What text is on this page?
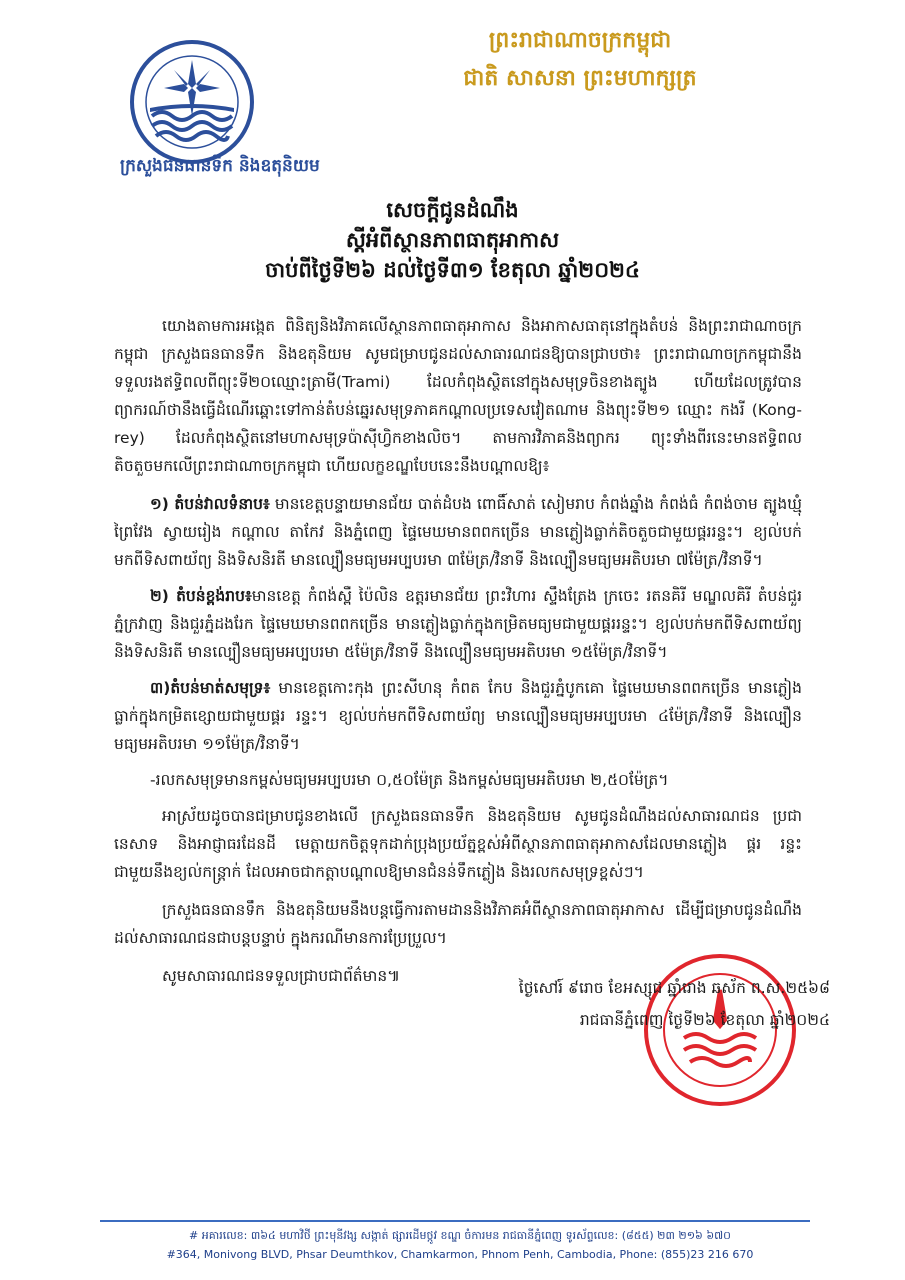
ក្រសួងធនធានទឹក និងឧតុនិយម
ព្រះរាជាណាចក្រកម្ពុជា
ជាតិ សាសនា ព្រះមហាក្សត្រ
សេចក្តីជូនដំណឹង
ស្តីអំពីស្ថានភាពធាតុអាកាស
ចាប់ពីថ្ងៃទី២៦ ដល់ថ្ងៃទី៣១ ខែតុលា ឆ្នាំ២០២៤

យោងតាមការអង្កេត ពិនិត្យនិងវិភាគលើស្ថានភាពធាតុអាកាស និងអាកាសធាតុនៅក្នុងតំបន់ និងព្រះរាជាណាចក្រកម្ពុជា ក្រសួងធនធានទឹក និងឧតុនិយម សូមជម្រាបជូនដល់សាធារណជនឱ្យបានជ្រាបថា៖ ព្រះរាជាណាចក្រកម្ពុជានឹងទទួលរងឥទ្ធិពលពីព្យុះទី២០ឈ្មោះត្រាមី(Trami) ដែលកំពុងស្ថិតនៅក្នុងសមុទ្រចិនខាងត្បូង ហើយដែលត្រូវបានព្យាករណ៍ថានឹងធ្វើដំណើរឆ្ពោះទៅកាន់តំបន់ឆ្នេរសមុទ្រភាគកណ្តាលប្រទេសវៀតណាម និងព្យុះទី២១ ឈ្មោះ កងរី (Kong-rey) ដែលកំពុងស្ថិតនៅមហាសមុទ្រប៉ាស៊ីហ្វិកខាងលិច។ តាមការវិភាគនិងព្យាករ ព្យុះទាំងពីរនេះមានឥទ្ធិពលតិចតួចមកលើព្រះរាជាណាចក្រកម្ពុជា ហើយលក្ខខណ្ឌបែបនេះនឹងបណ្តាលឱ្យ៖

១) តំបន់វាលទំនាប៖ មានខេត្តបន្ទាយមានជ័យ បាត់ដំបង ពោធិ៍សាត់ សៀមរាប កំពង់ឆ្នាំង កំពង់ធំ កំពង់ចាម ត្បូងឃ្មុំ ព្រៃវែង ស្វាយរៀង កណ្តាល តាកែវ និងភ្នំពេញ ផ្ទៃមេឃមានពពកច្រើន មានភ្លៀងធ្លាក់តិចតួចជាមួយផ្គររន្ទះ។ ខ្យល់បក់មកពីទិសពាយ័ព្យ និងទិសនិរតី មានល្បឿនមធ្យមអប្បបរមា ៣ម៉ែត្រ/វិនាទី និងល្បឿនមធ្យមអតិបរមា ៧ម៉ែត្រ/វិនាទី។

២) តំបន់ខ្ពង់រាប៖មានខេត្ត កំពង់ស្ពឺ ប៉ៃលិន ឧត្តរមានជ័យ ព្រះវិហារ ស្ទឹងត្រែង ក្រចេះ រតនគិរី មណ្ឌលគិរី តំបន់ជួរភ្នំក្រវាញ និងជួរភ្នំដងរែក ផ្ទៃមេឃមានពពកច្រើន មានភ្លៀងធ្លាក់ក្នុងកម្រិតមធ្យមជាមួយផ្គររន្ទះ។ ខ្យល់បក់មកពីទិសពាយ័ព្យ និងទិសនិរតី មានល្បឿនមធ្យមអប្បបរមា ៥ម៉ែត្រ/វិនាទី និងល្បឿនមធ្យមអតិបរមា ១៥ម៉ែត្រ/វិនាទី។

៣)តំបន់មាត់សមុទ្រ៖ មានខេត្តកោះកុង ព្រះសីហនុ កំពត កែប និងជួរភ្នំបូកគោ ផ្ទៃមេឃមានពពកច្រើន មានភ្លៀងធ្លាក់ក្នុងកម្រិតខ្សោយជាមួយផ្គរ រន្ទះ។ ខ្យល់បក់មកពីទិសពាយ័ព្យ មានល្បឿនមធ្យមអប្បបរមា ៤ម៉ែត្រ/វិនាទី និងល្បឿនមធ្យមអតិបរមា ១១ម៉ែត្រ/វិនាទី។

-រលកសមុទ្រមានកម្ពស់មធ្យមអប្បបរមា ០,៥០ម៉ែត្រ និងកម្ពស់មធ្យមអតិបរមា ២,៥០ម៉ែត្រ។

អាស្រ័យដូចបានជម្រាបជូនខាងលើ ក្រសួងធនធានទឹក និងឧតុនិយម សូមជូនដំណឹងដល់សាធារណជន ប្រជានេសាទ និងអាជ្ញាធរដែនដី មេត្តាយកចិត្តទុកដាក់ប្រុងប្រយ័ត្នខ្ពស់អំពីស្ថានភាពធាតុអាកាសដែលមានភ្លៀង ផ្គរ រន្ទះ ជាមួយនឹងខ្យល់កន្ត្រាក់ ដែលអាចជាកត្តាបណ្តាលឱ្យមានជំនន់ទឹកភ្លៀង និងរលកសមុទ្រខ្ពស់ៗ។

ក្រសួងធនធានទឹក និងឧតុនិយមនឹងបន្តធ្វើការតាមដាននិងវិភាគអំពីស្ថានភាពធាតុអាកាស ដើម្បីជម្រាបជូនដំណឹងដល់សាធារណជនជាបន្តបន្ទាប់ ក្នុងករណីមានការប្រែប្រួល។

សូមសាធារណជនទទួលជ្រាបជាព័ត៌មាន៕

ថ្ងៃសៅរ៍ ៩រោច ខែអស្សុជ ឆ្នាំរោង ឆស័ក ព.ស.២៥៦៨
រាជធានីភ្នំពេញ ថ្ងៃទី២៦ ខែតុលា ឆ្នាំ២០២៤
# អគារលេខ: ៣៦៤ មហាវិថី ព្រះមុនីវង្ស សង្កាត់ ផ្សារដើមថ្កូវ ខណ្ឌ ចំការមន រាជធានីភ្នំពេញ ទូរស័ព្ទលេខ: (៨៥៥) ២៣ ២១៦ ៦៧០
#364, Monivong BLVD, Phsar Deumthkov, Chamkarmon, Phnom Penh, Cambodia, Phone: (855)23 216 670
